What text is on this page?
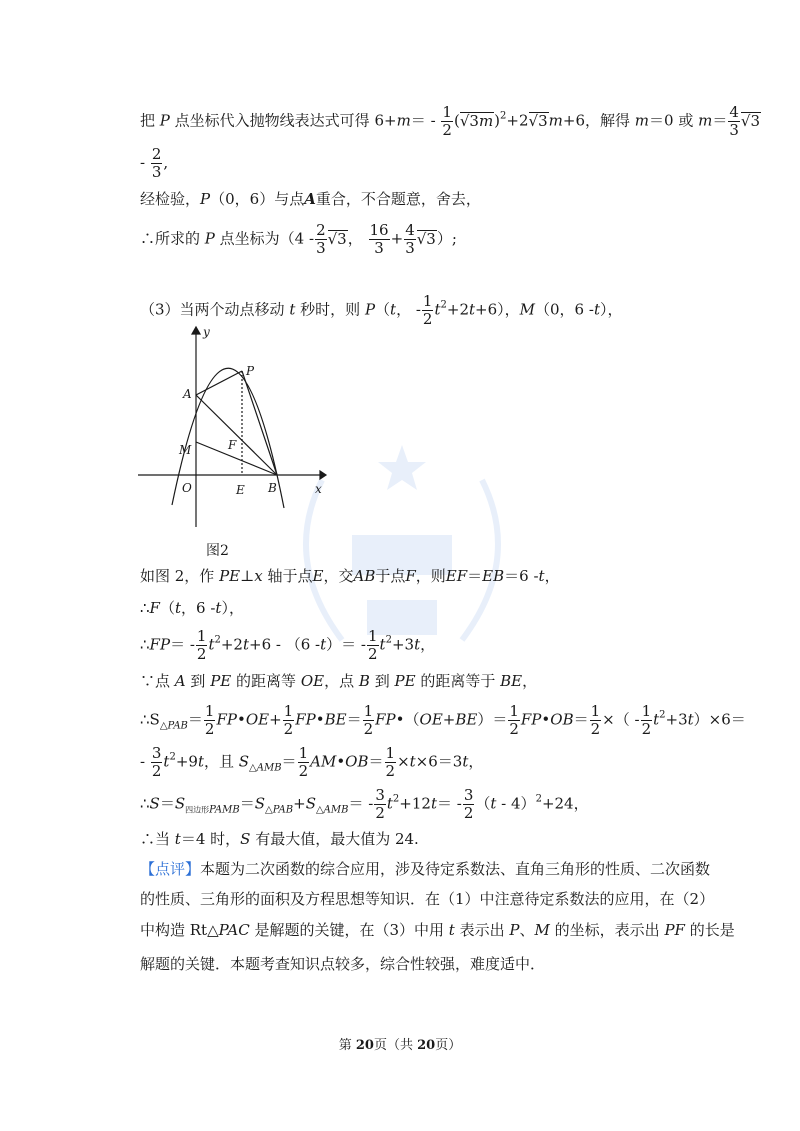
把 P 点坐标代入抛物线表达式可得 $6+m= - \frac{1}{2} (√3m)^2+2√3m+6$，解得 m＝0 或 $m= \frac{4}{3} √3$
- $\frac{2}{3}$ ,
经检验，P（0，6）与点A重合，不合题意，舍去，
∴所求的 P 点坐标为（$4 - \frac{2}{3} √3$， $\frac{16}{3} + \frac{4}{3} √3$）;
（3）当两个动点移动 t 秒时，则 P（t， - $\frac{1}{2} t^2+2t+6$），M（0，6 -t），
y
x
O
A
P
F
M
E B
图2
如图 2，作 PE⊥x 轴于点E，交AB于点F，则EF＝EB＝6 -t，
∴F（t，6 -t），
∴FP＝ - $\frac{1}{2} t^2+2t+6 - (6$ $-t)= - \frac{1}{2} t^2+3t$，
∵点 A 到 PE 的距离等 OE，点 B 到 PE 的距离等于 BE，
$\therefore S_{\triangle PAB}= \frac{1}{2}$ FP•OE+ $\frac{1}{2}$ FP•BE＝ $\frac{1}{2}$ FP•（OE+BE）＝ $\frac{1}{2}$ FP•OB＝ $\frac{1}{2}$ ×（ - $\frac{1}{2} t^2+3t)\times 6=$
- $\frac{3}{2} t^2+9t$，且 $S_{\triangle AMB}= \frac{1}{2}$ AM•OB＝ $\frac{1}{2} \times t\times 6=3t$，
$\therefore S=S_{四边形PAMB}=S_{\triangle PAB}+S_{\triangle AMB}= - \frac{3}{2} t^2+12t= - \frac{3}{2} (t - 4)^2+24$，
∴当 t＝4 时，S 有最大值，最大值为 24.
【点评】本题为二次函数的综合应用，涉及待定系数法、直角三角形的性质、二次函数
的性质、三角形的面积及方程思想等知识．在（1）中注意待定系数法的应用，在（2）
中构造 Rt△PAC 是解题的关键，在（3）中用 t 表示出 P、M 的坐标，表示出 PF 的长是
解题的关键．本题考查知识点较多，综合性较强，难度适中．
第 20页（共 20页）
